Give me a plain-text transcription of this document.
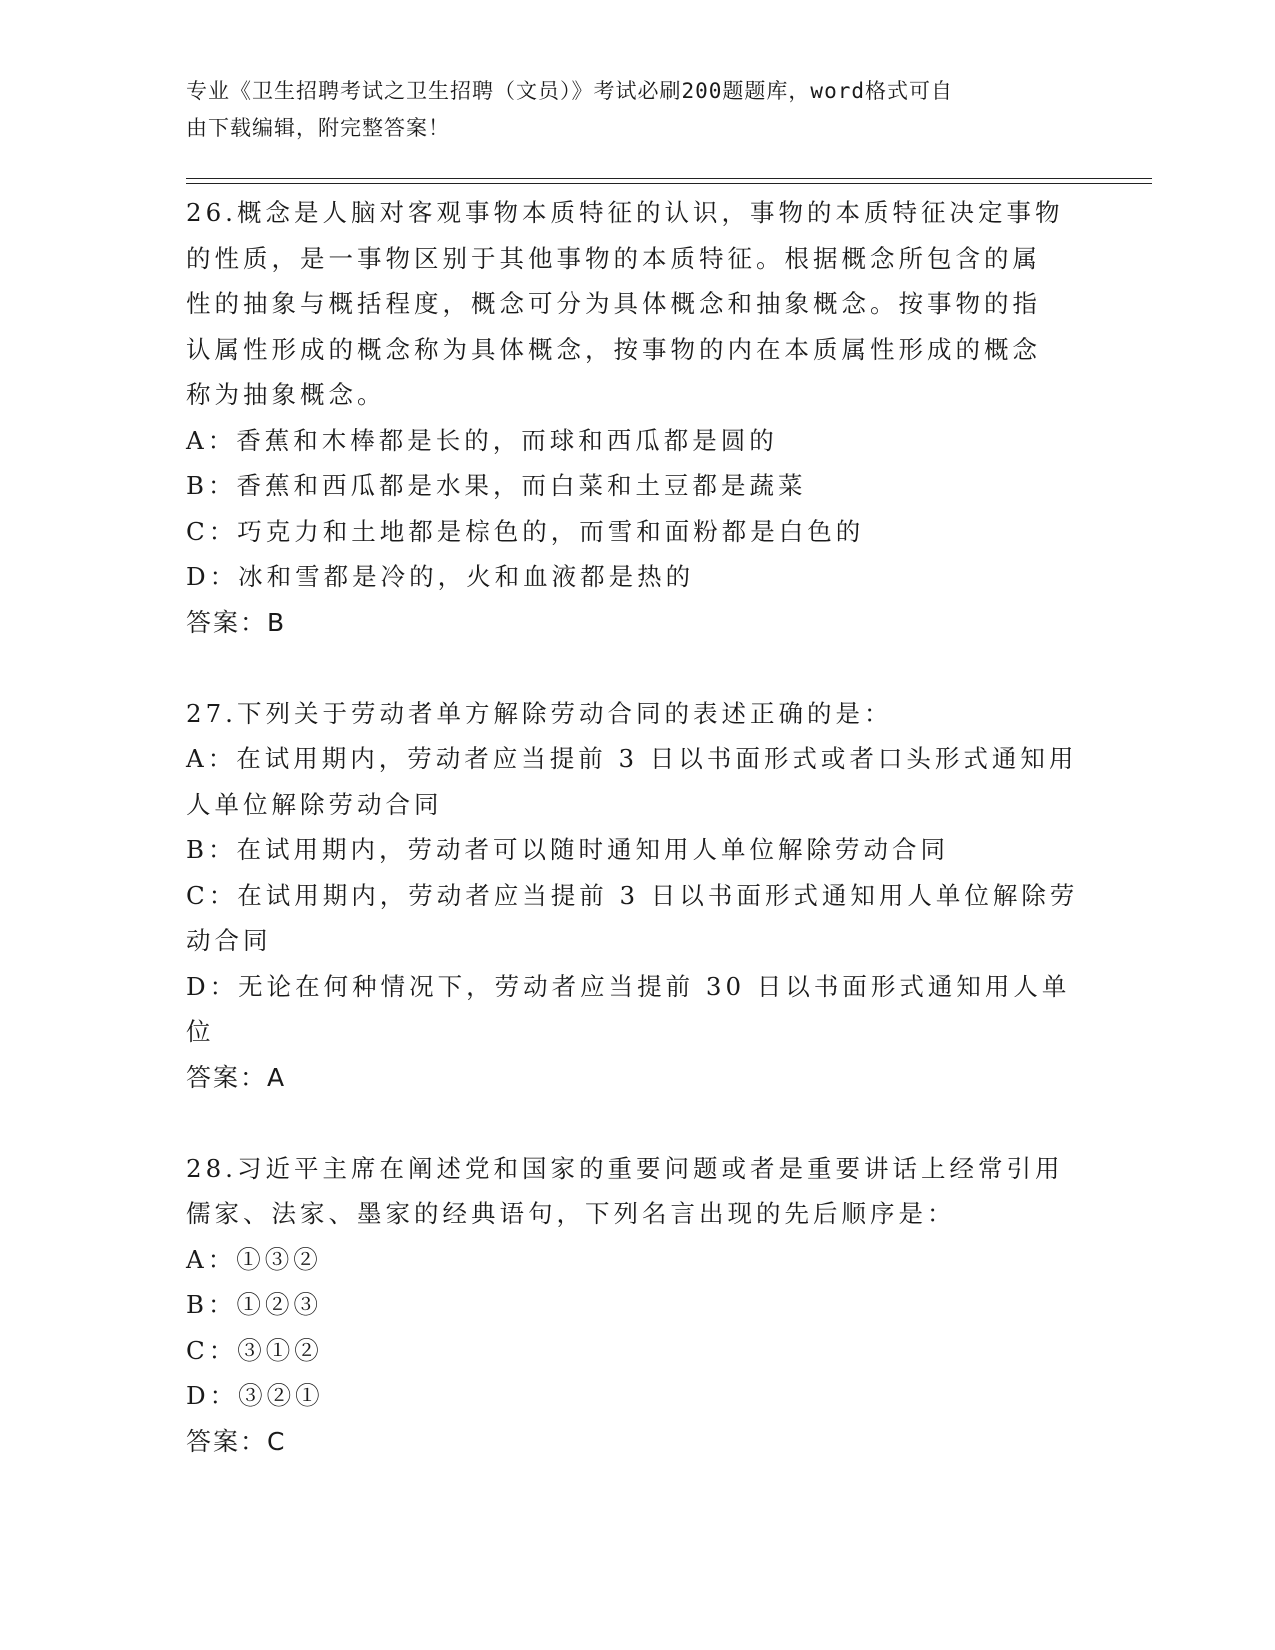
专业《卫生招聘考试之卫生招聘（文员）》考试必刷200题题库，word格式可自
由下载编辑，附完整答案！
26.概念是人脑对客观事物本质特征的认识，事物的本质特征决定事物
的性质，是一事物区别于其他事物的本质特征。根据概念所包含的属
性的抽象与概括程度，概念可分为具体概念和抽象概念。按事物的指
认属性形成的概念称为具体概念，按事物的内在本质属性形成的概念
称为抽象概念。
A：香蕉和木棒都是长的，而球和西瓜都是圆的
B：香蕉和西瓜都是水果，而白菜和土豆都是蔬菜
C：巧克力和土地都是棕色的，而雪和面粉都是白色的
D：冰和雪都是冷的，火和血液都是热的
答案：B
27.下列关于劳动者单方解除劳动合同的表述正确的是：
A：在试用期内，劳动者应当提前 3 日以书面形式或者口头形式通知用
人单位解除劳动合同
B：在试用期内，劳动者可以随时通知用人单位解除劳动合同
C：在试用期内，劳动者应当提前 3 日以书面形式通知用人单位解除劳
动合同
D：无论在何种情况下，劳动者应当提前 30 日以书面形式通知用人单
位
答案：A
28.习近平主席在阐述党和国家的重要问题或者是重要讲话上经常引用
儒家、法家、墨家的经典语句，下列名言出现的先后顺序是：
A：①③②
B：①②③
C：③①②
D：③②①
答案：C
